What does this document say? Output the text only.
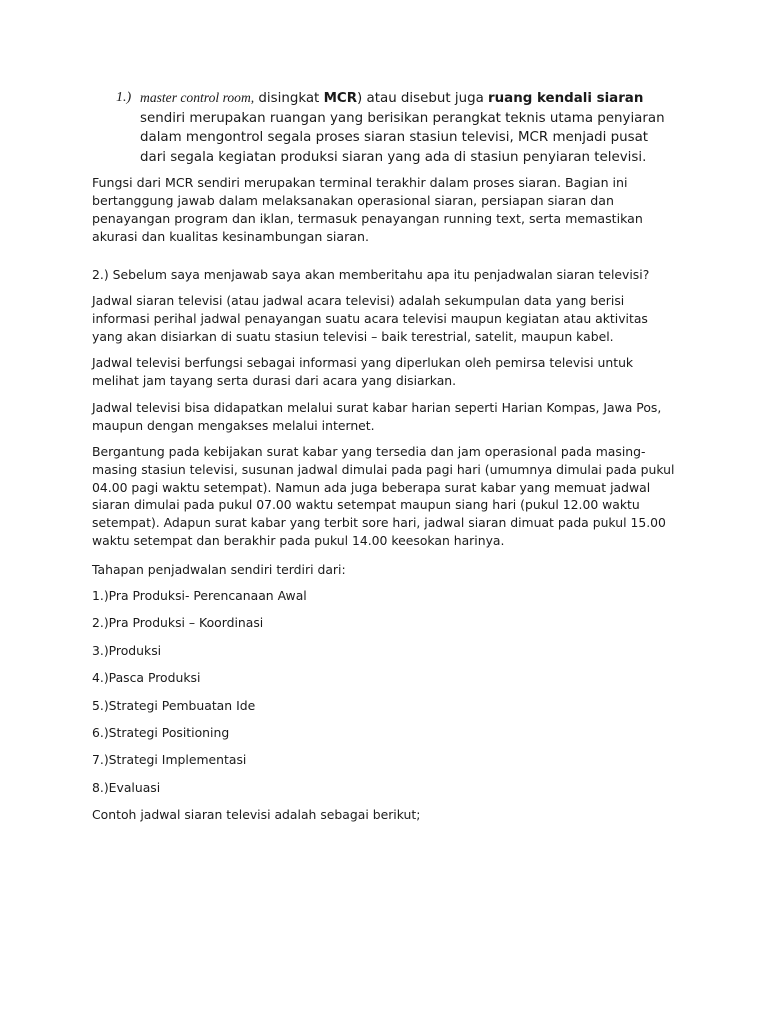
1.) master control room, disingkat MCR) atau disebut juga ruang kendali siaran sendiri merupakan ruangan yang berisikan perangkat teknis utama penyiaran dalam mengontrol segala proses siaran stasiun televisi, MCR menjadi pusat dari segala kegiatan produksi siaran yang ada di stasiun penyiaran televisi.
Fungsi dari MCR sendiri merupakan terminal terakhir dalam proses siaran. Bagian ini bertanggung jawab dalam melaksanakan operasional siaran, persiapan siaran dan penayangan program dan iklan, termasuk penayangan running text, serta memastikan akurasi dan kualitas kesinambungan siaran.
2.) Sebelum saya menjawab saya akan memberitahu apa itu penjadwalan siaran televisi?
Jadwal siaran televisi (atau jadwal acara televisi) adalah sekumpulan data yang berisi informasi perihal jadwal penayangan suatu acara televisi maupun kegiatan atau aktivitas yang akan disiarkan di suatu stasiun televisi – baik terestrial, satelit, maupun kabel.
Jadwal televisi berfungsi sebagai informasi yang diperlukan oleh pemirsa televisi untuk melihat jam tayang serta durasi dari acara yang disiarkan.
Jadwal televisi bisa didapatkan melalui surat kabar harian seperti Harian Kompas, Jawa Pos, maupun dengan mengakses melalui internet.
Bergantung pada kebijakan surat kabar yang tersedia dan jam operasional pada masing-masing stasiun televisi, susunan jadwal dimulai pada pagi hari (umumnya dimulai pada pukul 04.00 pagi waktu setempat). Namun ada juga beberapa surat kabar yang memuat jadwal siaran dimulai pada pukul 07.00 waktu setempat maupun siang hari (pukul 12.00 waktu setempat). Adapun surat kabar yang terbit sore hari, jadwal siaran dimuat pada pukul 15.00 waktu setempat dan berakhir pada pukul 14.00 keesokan harinya.
Tahapan penjadwalan sendiri terdiri dari:
1.)Pra Produksi- Perencanaan Awal
2.)Pra Produksi – Koordinasi
3.)Produksi
4.)Pasca Produksi
5.)Strategi Pembuatan Ide
6.)Strategi Positioning
7.)Strategi Implementasi
8.)Evaluasi
Contoh jadwal siaran televisi adalah sebagai berikut;
